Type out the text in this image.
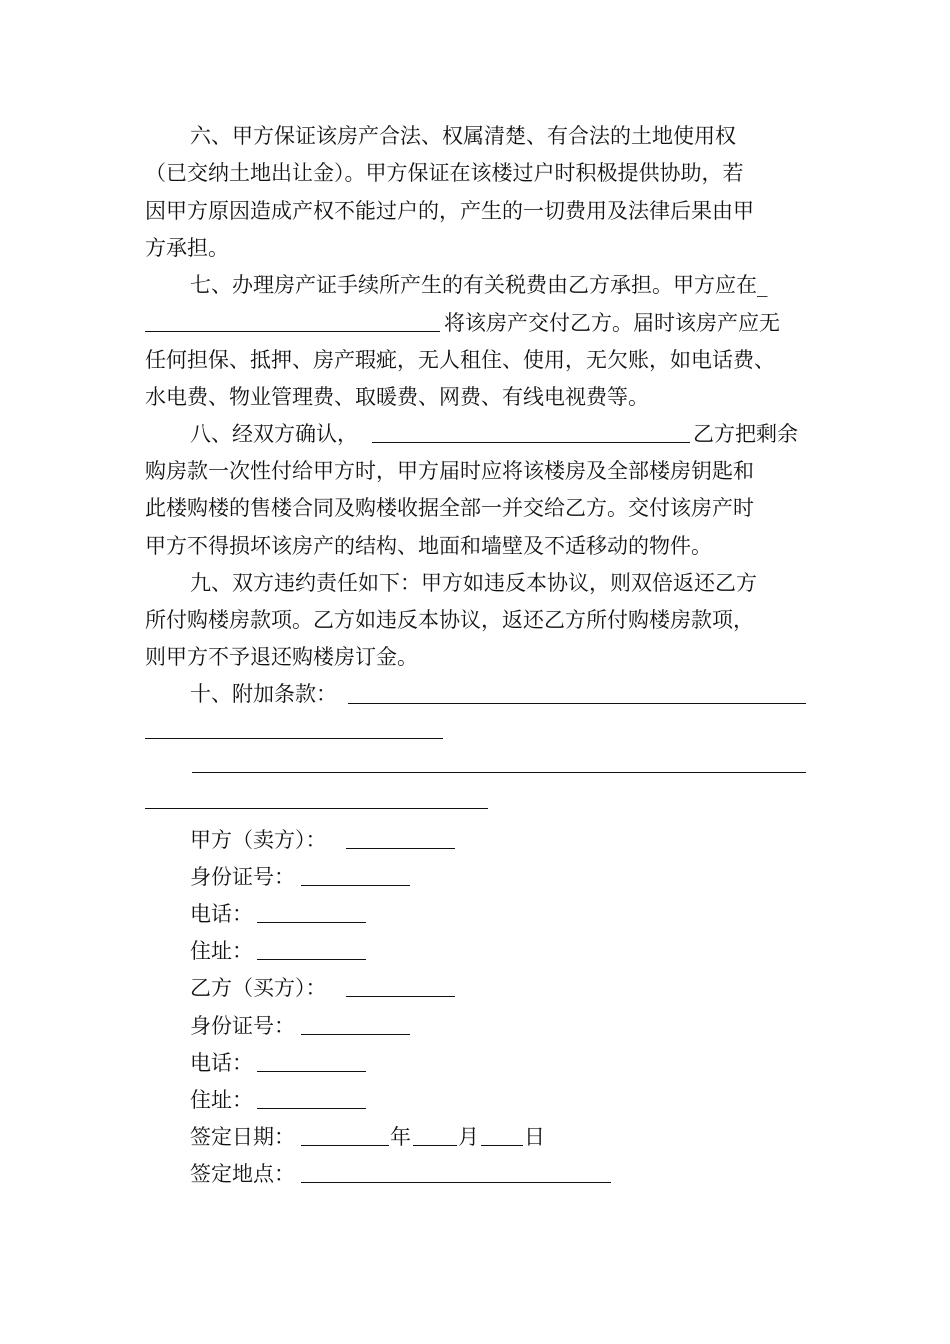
六、甲方保证该房产合法、权属清楚、有合法的土地使用权
（已交纳土地出让金）。甲方保证在该楼过户时积极提供协助，若
因甲方原因造成产权不能过户的，产生的一切费用及法律后果由甲
方承担。
七、办理房产证手续所产生的有关税费由乙方承担。甲方应在_
将该房产交付乙方。届时该房产应无
任何担保、抵押、房产瑕疵，无人租住、使用，无欠账，如电话费、
水电费、物业管理费、取暖费、网费、有线电视费等。
八、经双方确认，	乙方把剩余
购房款一次性付给甲方时，甲方届时应将该楼房及全部楼房钥匙和
此楼购楼的售楼合同及购楼收据全部一并交给乙方。交付该房产时
甲方不得损坏该房产的结构、地面和墙壁及不适移动的物件。
九、双方违约责任如下：甲方如违反本协议，则双倍返还乙方
所付购楼房款项。乙方如违反本协议，返还乙方所付购楼房款项，
则甲方不予退还购楼房订金。
十、附加条款：
甲方（卖方）：
身份证号：
电话：
住址：
乙方（买方）：
身份证号：
电话：
住址：
签定日期：	年 月 日
签定地点：
